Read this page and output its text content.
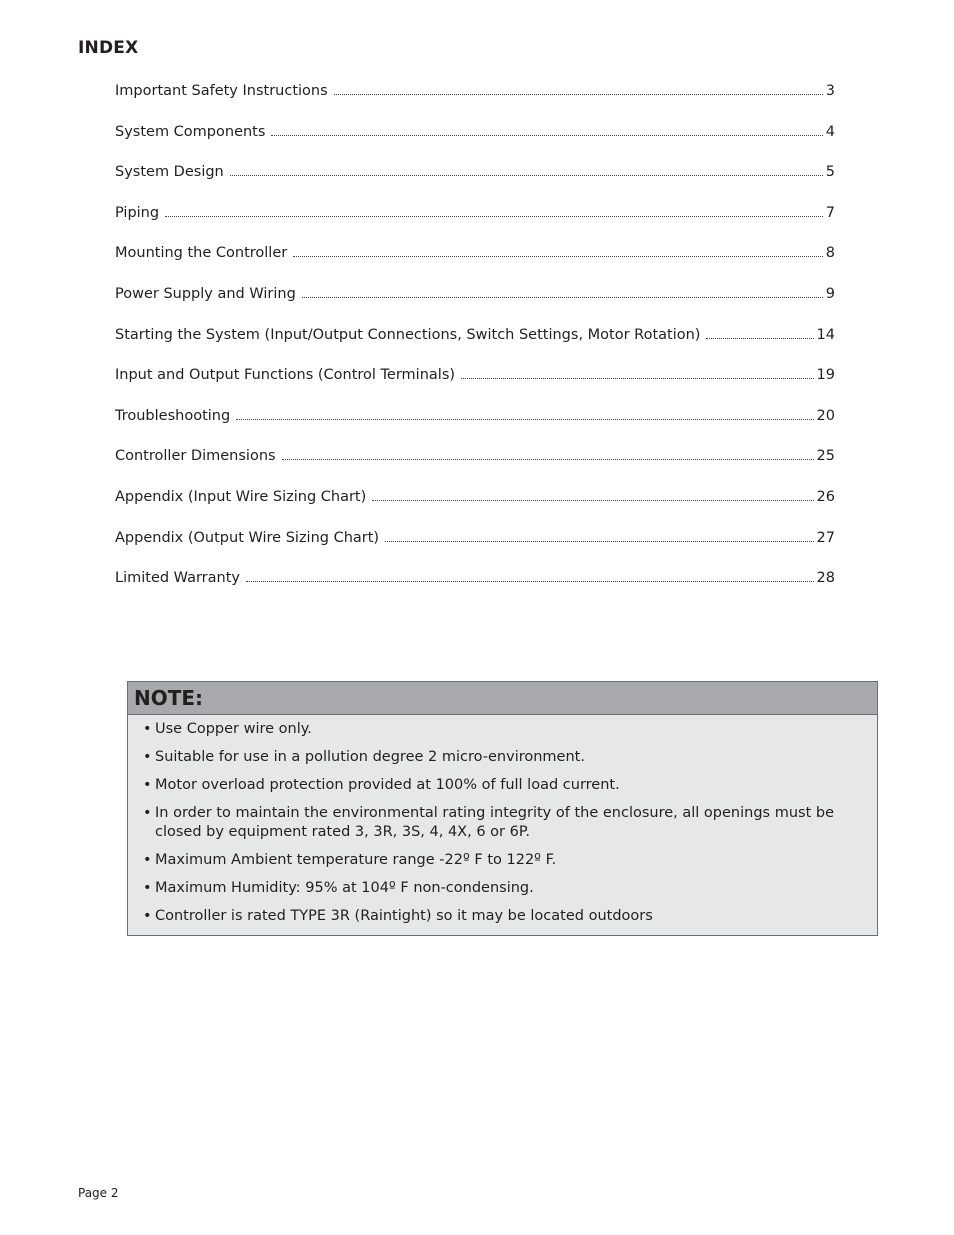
INDEX
Important Safety Instructions	3
System Components	4
System Design	5
Piping	7
Mounting the Controller	8
Power Supply and Wiring	9
Starting the System (Input/Output Connections, Switch Settings, Motor Rotation)	14
Input and Output Functions (Control Terminals)	19
Troubleshooting	20
Controller Dimensions	25
Appendix (Input Wire Sizing Chart)	26
Appendix (Output Wire Sizing Chart)	27
Limited Warranty	28
NOTE:
• Use Copper wire only.
• Suitable for use in a pollution degree 2 micro-environment.
• Motor overload protection provided at 100% of full load current.
• In order to maintain the environmental rating integrity of the enclosure, all openings must be closed by equipment rated 3, 3R, 3S, 4, 4X, 6 or 6P.
• Maximum Ambient temperature range -22º F to 122º F.
• Maximum Humidity: 95% at 104º F non-condensing.
• Controller is rated TYPE 3R (Raintight) so it may be located outdoors
Page 2
